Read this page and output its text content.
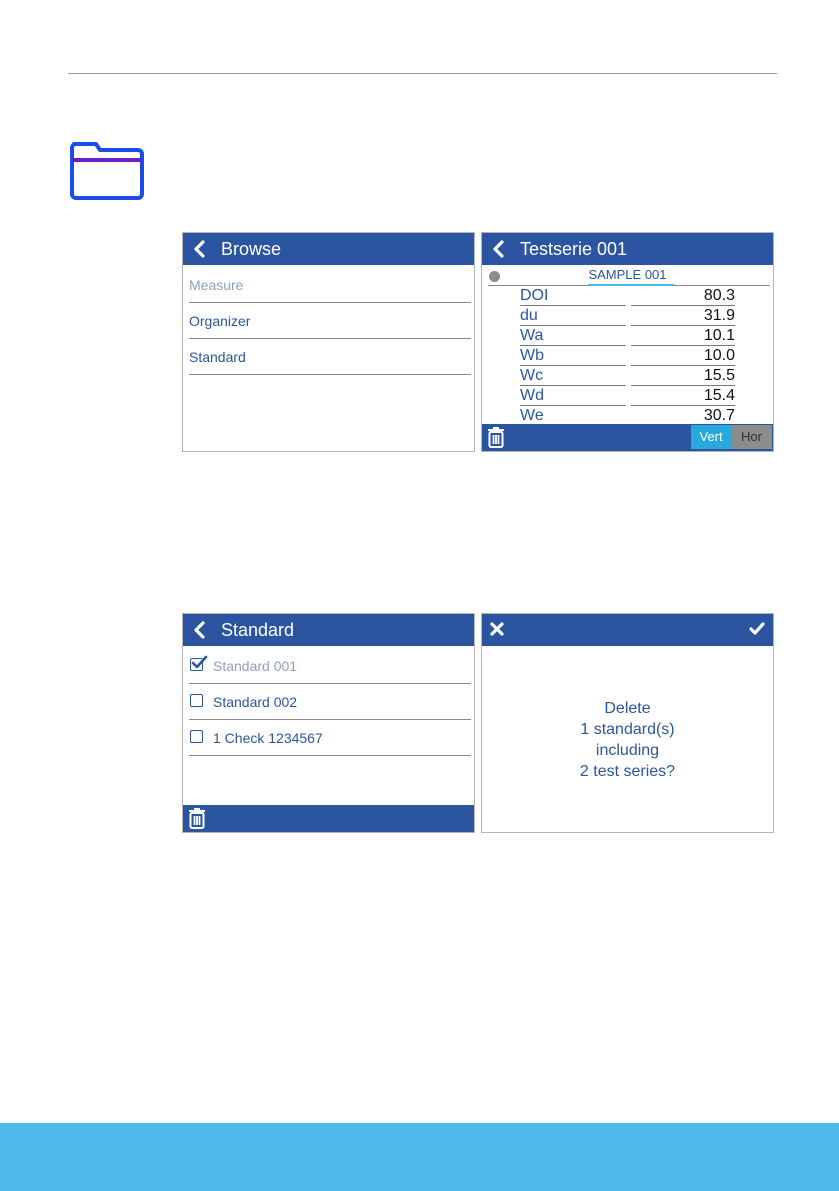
Browse
Measure
Organizer
Standard
Testserie 001
SAMPLE 001
DOI	80.3
du	31.9
Wa	10.1
Wb	10.0
Wc	15.5
Wd	15.4
We	30.7
Vert	Hor
Standard
Standard 001
Standard 002
1 Check 1234567
Delete
1 standard(s)
including
2 test series?
